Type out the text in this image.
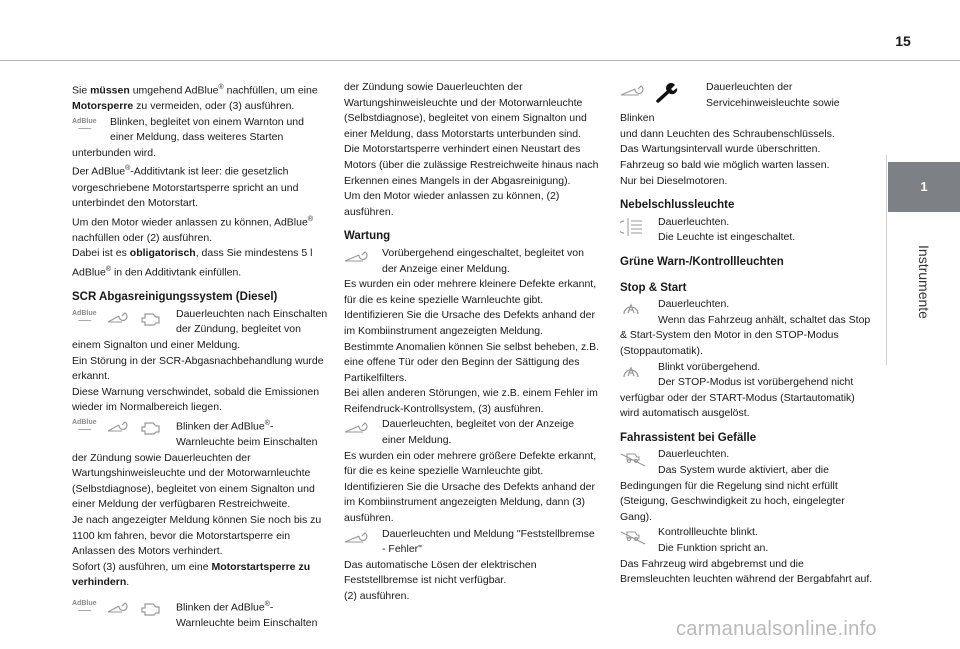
15
1
Instrumente

Sie müssen umgehend AdBlue® nachfüllen, um eine Motorsperre zu vermeiden, oder (3) ausführen.

AdBlue
~~~~~

Blinken, begleitet von einem Warnton und einer Meldung, dass weiteres Starten unterbunden wird.

Der AdBlue®-Additivtank ist leer: die gesetzlich vorgeschriebene Motorstartsperre spricht an und unterbindet den Motorstart.

Um den Motor wieder anlassen zu können, AdBlue® nachfüllen oder (2) ausführen.

Dabei ist es obligatorisch, dass Sie mindestens 5 l AdBlue® in den Additivtank einfüllen.

SCR Abgasreinigungssystem (Diesel)

AdBlue
~~~~~

Dauerleuchten nach Einschalten der Zündung, begleitet von einem Signalton und einer Meldung.

Ein Störung in der SCR-Abgasnachbehandlung wurde erkannt.

Diese Warnung verschwindet, sobald die Emissionen wieder im Normalbereich liegen.

AdBlue
~~~~~	Blinken der AdBlue®-Warnleuchte beim Einschalten der Zündung sowie Dauerleuchten der Wartungshinweisleuchte und der Motorwarnleuchte (Selbstdiagnose), begleitet von einem Signalton und einer Meldung der verfügbaren Restreichweite.

Je nach angezeigter Meldung können Sie noch bis zu 1100 km fahren, bevor die Motorstartsperre ein Anlassen des Motors verhindert.

Sofort (3) ausführen, um eine Motorstartsperre zu verhindern.

AdBlue
~~~~~	Blinken der AdBlue®-Warnleuchte beim Einschalten

der Zündung sowie Dauerleuchten der Wartungshinweisleuchte und der Motorwarnleuchte (Selbstdiagnose), begleitet von einem Signalton und einer Meldung, dass Motorstarts unterbunden sind.

Die Motorstartsperre verhindert einen Neustart des Motors (über die zulässige Restreichweite hinaus nach Erkennen eines Mangels in der Abgasreinigung).

Um den Motor wieder anlassen zu können, (2) ausführen.

Wartung

Vorübergehend eingeschaltet, begleitet von der Anzeige einer Meldung.

Es wurden ein oder mehrere kleinere Defekte erkannt, für die es keine spezielle Warnleuchte gibt.

Identifizieren Sie die Ursache des Defekts anhand der im Kombiinstrument angezeigten Meldung.

Bestimmte Anomalien können Sie selbst beheben, z.B. eine offene Tür oder den Beginn der Sättigung des Partikelfilters.

Bei allen anderen Störungen, wie z.B. einem Fehler im Reifendruck-Kontrollsystem, (3) ausführen.

Dauerleuchten, begleitet von der Anzeige einer Meldung.

Es wurden ein oder mehrere größere Defekte erkannt, für die es keine spezielle Warnleuchte gibt.

Identifizieren Sie die Ursache des Defekts anhand der im Kombiinstrument angezeigten Meldung, dann (3) ausführen.

Dauerleuchten und Meldung "Feststellbremse - Fehler"

Das automatische Lösen der elektrischen Feststellbremse ist nicht verfügbar.

(2) ausführen.

Dauerleuchten der Servicehinweisleuchte sowie Blinken

und dann Leuchten des Schraubenschlüssels.

Das Wartungsintervall wurde überschritten.

Fahrzeug so bald wie möglich warten lassen.

Nur bei Dieselmotoren.

Nebelschlussleuchte

Dauerleuchten.
Die Leuchte ist eingeschaltet.

Grüne Warn-/Kontrollleuchten

Stop & Start

Dauerleuchten.
Wenn das Fahrzeug anhält, schaltet das Stop & Start-System den Motor in den STOP-Modus (Stoppautomatik).

Blinkt vorübergehend.
Der STOP-Modus ist vorübergehend nicht verfügbar oder der START-Modus (Startautomatik) wird automatisch ausgelöst.

Fahrassistent bei Gefälle

Dauerleuchten.
Das System wurde aktiviert, aber die Bedingungen für die Regelung sind nicht erfüllt (Steigung, Geschwindigkeit zu hoch, eingelegter Gang).

Kontrollleuchte blinkt.
Die Funktion spricht an.

Das Fahrzeug wird abgebremst und die Bremsleuchten leuchten während der Bergabfahrt auf.

carmanualsonline.info
